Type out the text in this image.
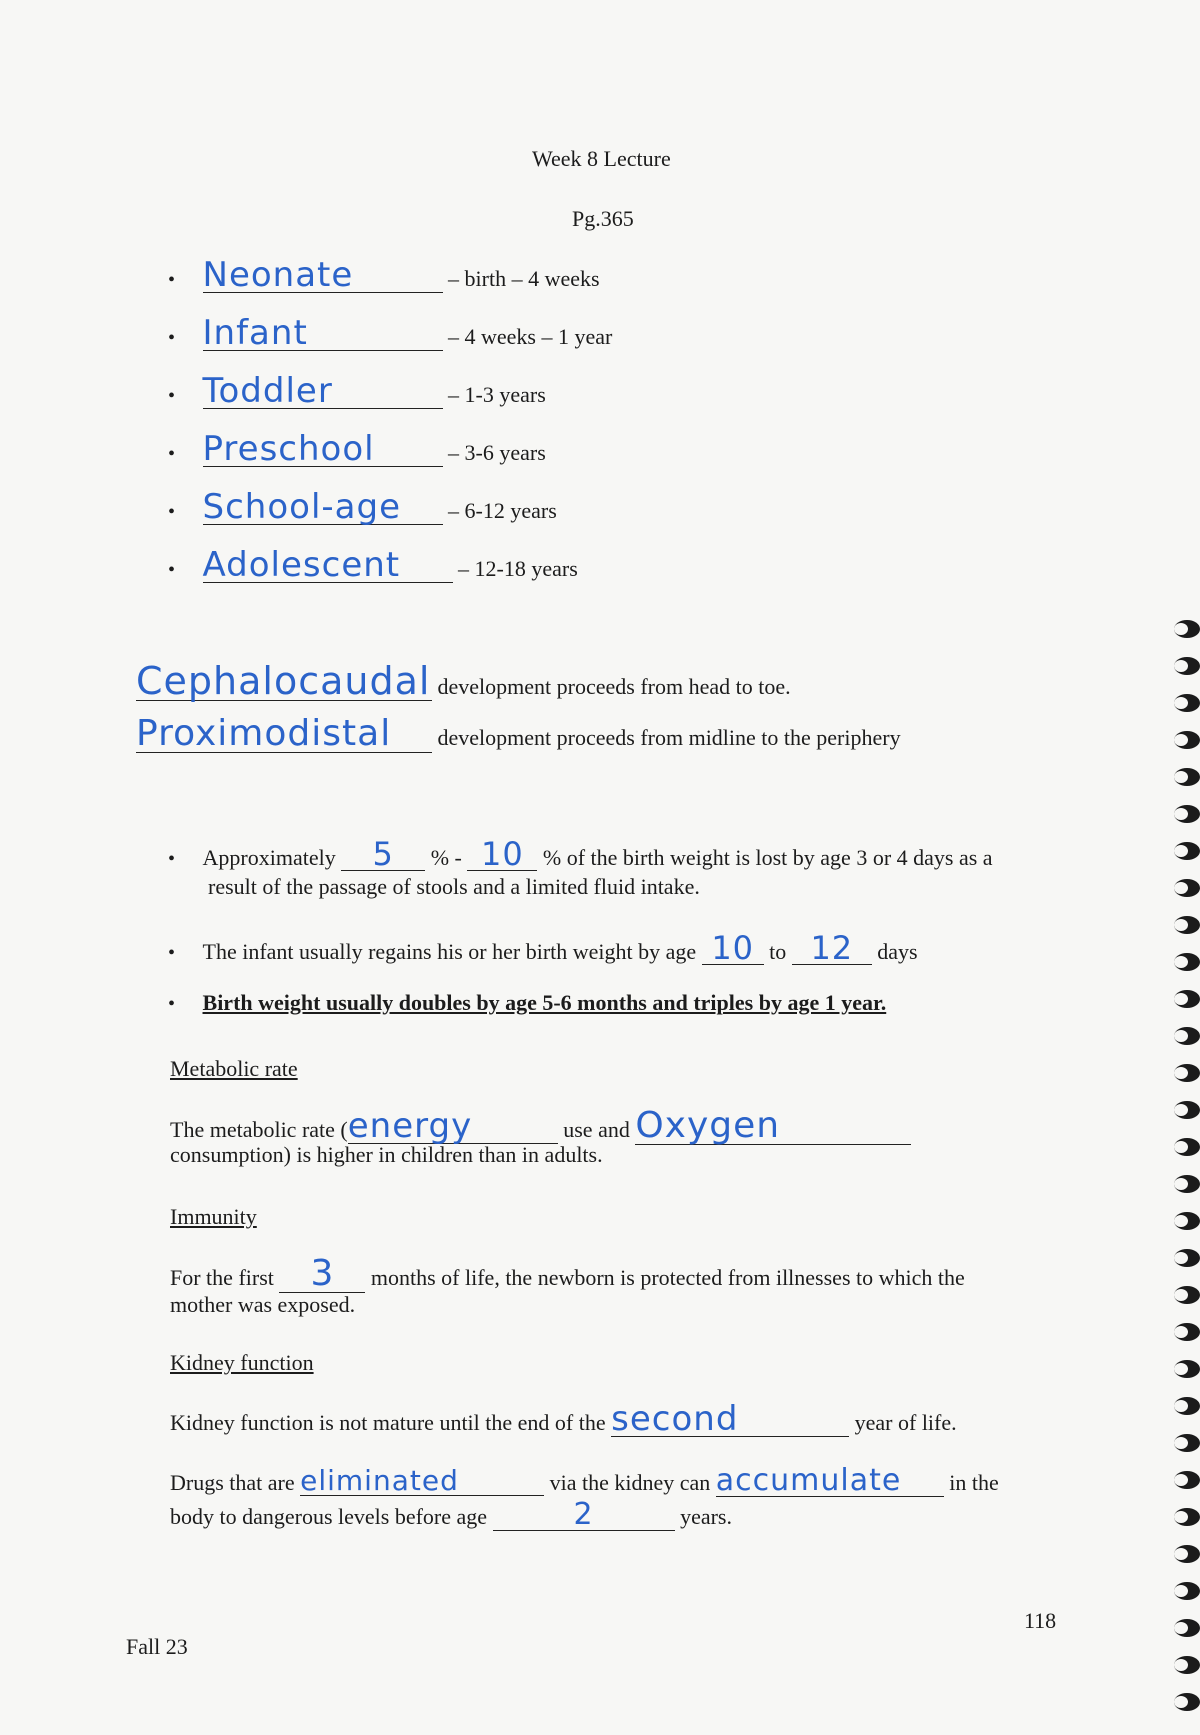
Week 8 Lecture
Pg.365
• Neonate	– birth – 4 weeks
• Infant	– 4 weeks – 1 year
• Toddler	– 1-3 years
• Preschool	– 3-6 years
• School-age – 6-12 years
• Adolescent	– 12-18 years
Cephalocaudal development proceeds from head to toe.
Proximodistal development proceeds from midline to the periphery
• Approximately 5 % - 10 % of the birth weight is lost by age 3 or 4 days as a
result of the passage of stools and a limited fluid intake.
• The infant usually regains his or her birth weight by age 10 to 12 days
• Birth weight usually doubles by age 5-6 months and triples by age 1 year.
Metabolic rate
The metabolic rate (energy	use and Oxygen
consumption) is higher in children than in adults.
Immunity
For the first 3 months of life, the newborn is protected from illnesses to which the
mother was exposed.
Kidney function
Kidney function is not mature until the end of the second	year of life.
Drugs that are eliminated	via the kidney can accumulate in the
body to dangerous levels before age	2	years.
118
Fall 23
